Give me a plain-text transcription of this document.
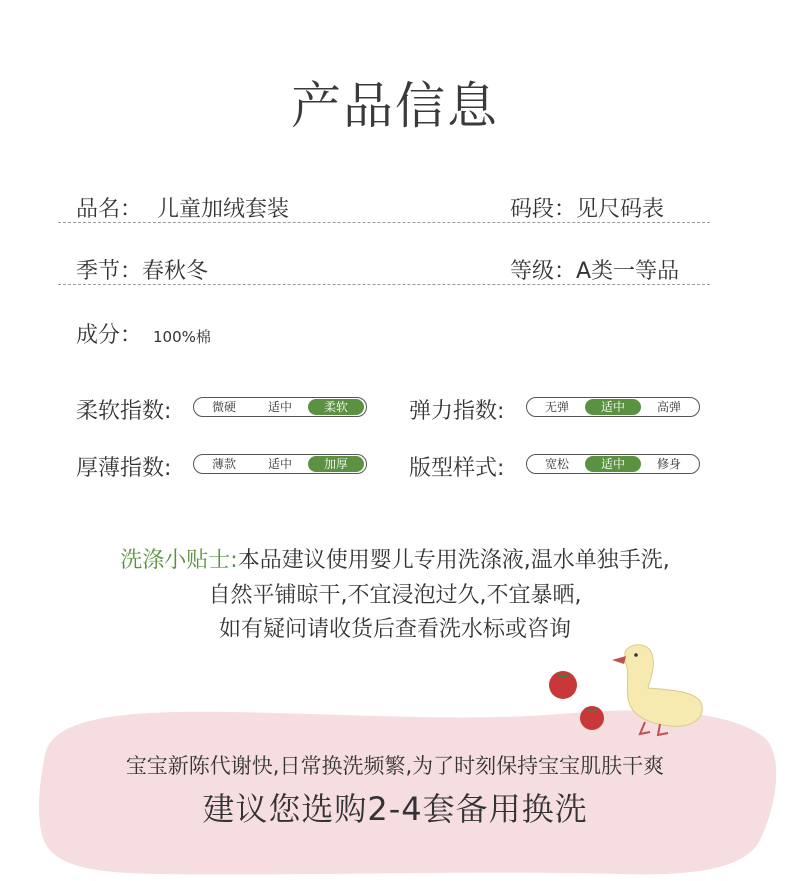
产品信息
品名： 儿童加绒套装	码段：见尺码表
季节：春秋冬	等级：A类一等品
成分： 100%棉
柔软指数:	微硬	适中	柔软	弹力指数:	无弹	适中	高弹
厚薄指数:	薄款	适中	加厚	版型样式:	宽松	适中	修身
洗涤小贴士:本品建议使用婴儿专用洗涤液,温水单独手洗,
自然平铺晾干,不宜浸泡过久,不宜暴晒,
如有疑问请收货后查看洗水标或咨询
宝宝新陈代谢快,日常换洗频繁,为了时刻保持宝宝肌肤干爽
建议您选购2-4套备用换洗
